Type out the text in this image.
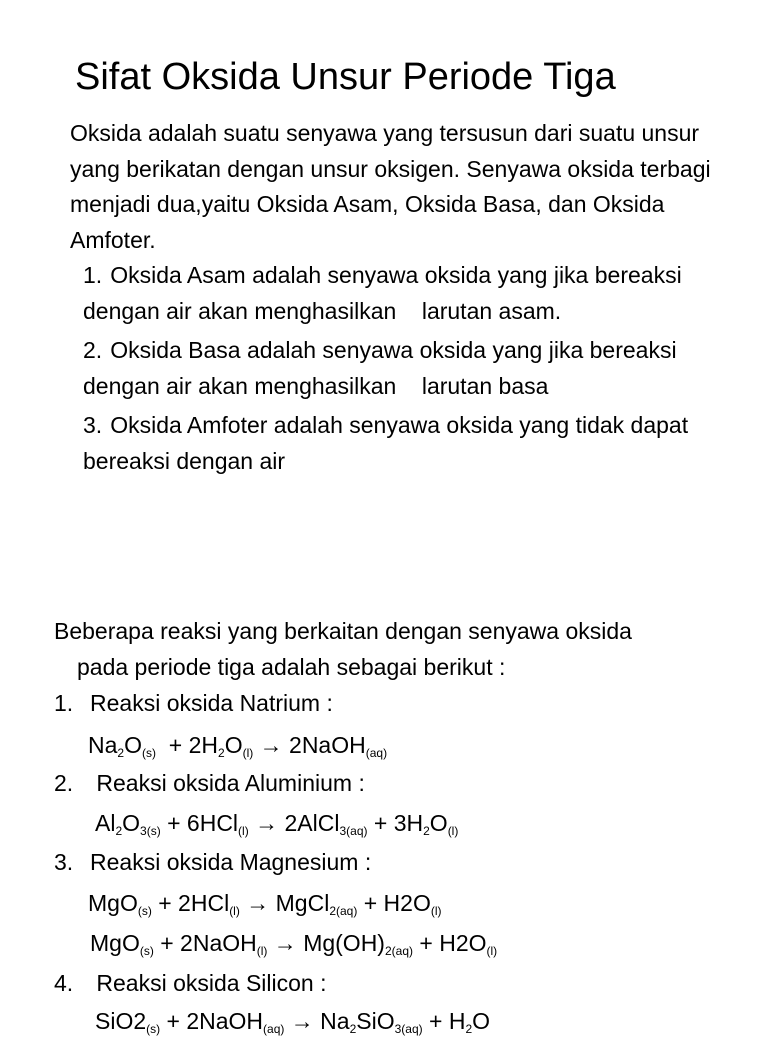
Sifat Oksida Unsur Periode Tiga

Oksida adalah suatu senyawa yang tersusun dari suatu unsur yang berikatan dengan unsur oksigen. Senyawa oksida terbagi menjadi dua,yaitu Oksida Asam, Oksida Basa, dan Oksida Amfoter.

1. Oksida Asam adalah senyawa oksida yang jika bereaksi dengan air akan menghasilkan    larutan asam.
2. Oksida Basa adalah senyawa oksida yang jika bereaksi dengan air akan menghasilkan    larutan basa
3. Oksida Amfoter adalah senyawa oksida yang tidak dapat bereaksi dengan air
Beberapa reaksi yang berkaitan dengan senyawa oksida
pada periode tiga adalah sebagai berikut :
1. Reaksi oksida Natrium :
$Na_2O_{(s)} + 2H_2O_{(l)}$ → 2NaOH$_{(aq)}$
2. Reaksi oksida Aluminium :
$Al_2O_{3(s)} + 6HCl_{(l)}$ → 2AlCl$_{3(aq)}$ + $3H_2O_{(l)}$
3. Reaksi oksida Magnesium :
MgO$_{(s)}$ + 2HCl$_{(l)}$ → MgCl$_{2(aq)}$ + $H2O_{(l)}$
MgO$_{(s)}$ + 2NaOH$_{(l)}$ → $Mg(OH)_{2(aq)} + H2O_{(l)}$
4. Reaksi oksida Silicon :
$SiO2_{(s)}$ + 2NaOH$_{(aq)}$ → $Na_2SiO_{3(aq)} + H_2O$
